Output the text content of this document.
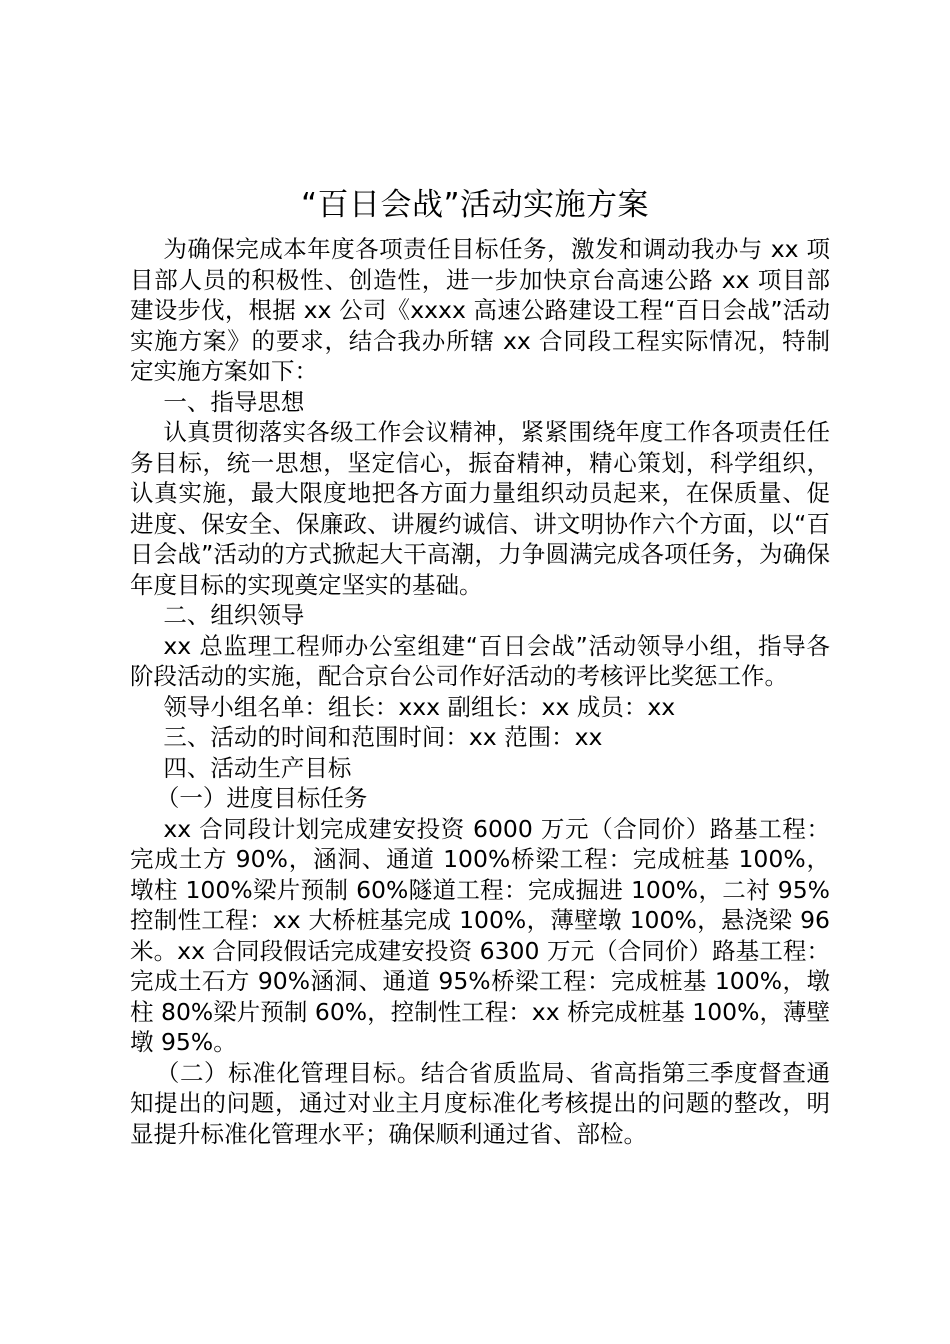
“百日会战”活动实施方案

为确保完成本年度各项责任目标任务，激发和调动我办与 xx 项目部人员的积极性、创造性，进一步加快京台高速公路 xx 项目部建设步伐，根据 xx 公司《xxxx 高速公路建设工程“百日会战”活动实施方案》的要求，结合我办所辖 xx 合同段工程实际情况，特制定实施方案如下：

一、指导思想

认真贯彻落实各级工作会议精神，紧紧围绕年度工作各项责任任务目标，统一思想，坚定信心，振奋精神，精心策划，科学组织，认真实施，最大限度地把各方面力量组织动员起来，在保质量、促进度、保安全、保廉政、讲履约诚信、讲文明协作六个方面，以“百日会战”活动的方式掀起大干高潮，力争圆满完成各项任务，为确保年度目标的实现奠定坚实的基础。

二、组织领导

xx 总监理工程师办公室组建“百日会战”活动领导小组，指导各阶段活动的实施，配合京台公司作好活动的考核评比奖惩工作。

领导小组名单：组长：xxx 副组长：xx 成员：xx

三、活动的时间和范围时间：xx 范围：xx

四、活动生产目标

（一）进度目标任务

xx 合同段计划完成建安投资 6000 万元（合同价）路基工程：完成土方 90%，涵洞、通道 100%桥梁工程：完成桩基 100%，墩柱 100%梁片预制 60%隧道工程：完成掘进 100%，二衬 95%控制性工程：xx 大桥桩基完成 100%，薄壁墩 100%，悬浇梁 96 米。xx 合同段假话完成建安投资 6300 万元（合同价）路基工程：完成土石方 90%涵洞、通道 95%桥梁工程：完成桩基 100%，墩柱 80%梁片预制 60%，控制性工程：xx 桥完成桩基 100%，薄壁墩 95%。

（二）标准化管理目标。结合省质监局、省高指第三季度督查通知提出的问题，通过对业主月度标准化考核提出的问题的整改，明显提升标准化管理水平；确保顺利通过省、部检。
